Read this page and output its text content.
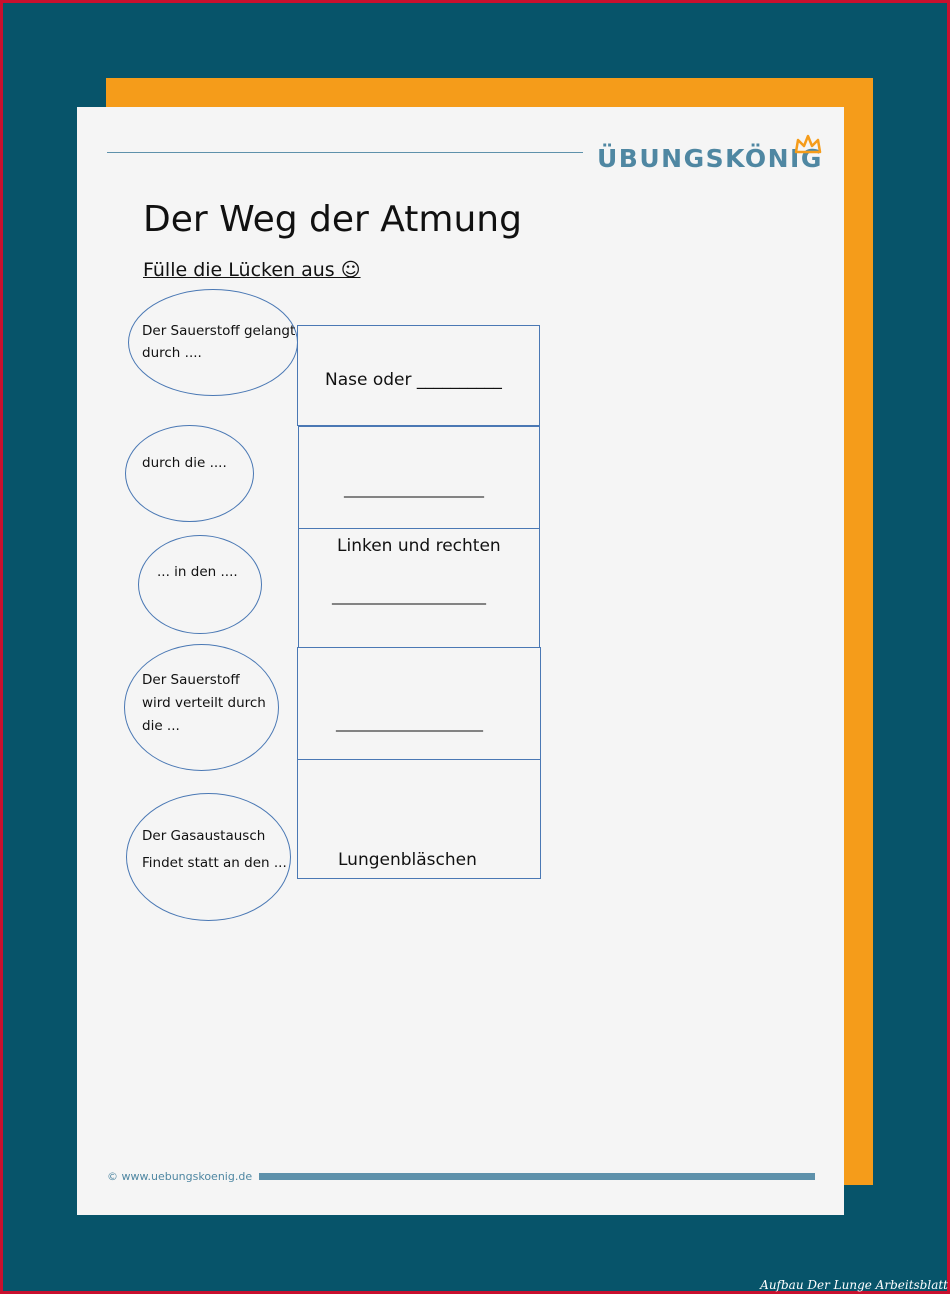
ÜBUNGSKÖNIG
Der Weg der Atmung
Fülle die Lücken aus ☺
Nase oder __________
____________________
Linken und rechten
______________________
_____________________
Lungenbläschen
Der Sauerstoff gelangt
durch ....
durch die ....
... in den ....
Der Sauerstoff
wird verteilt durch
die ...
Der Gasaustausch
Findet statt an den ...
© www.uebungskoenig.de
Aufbau Der Lunge Arbeitsblatt
